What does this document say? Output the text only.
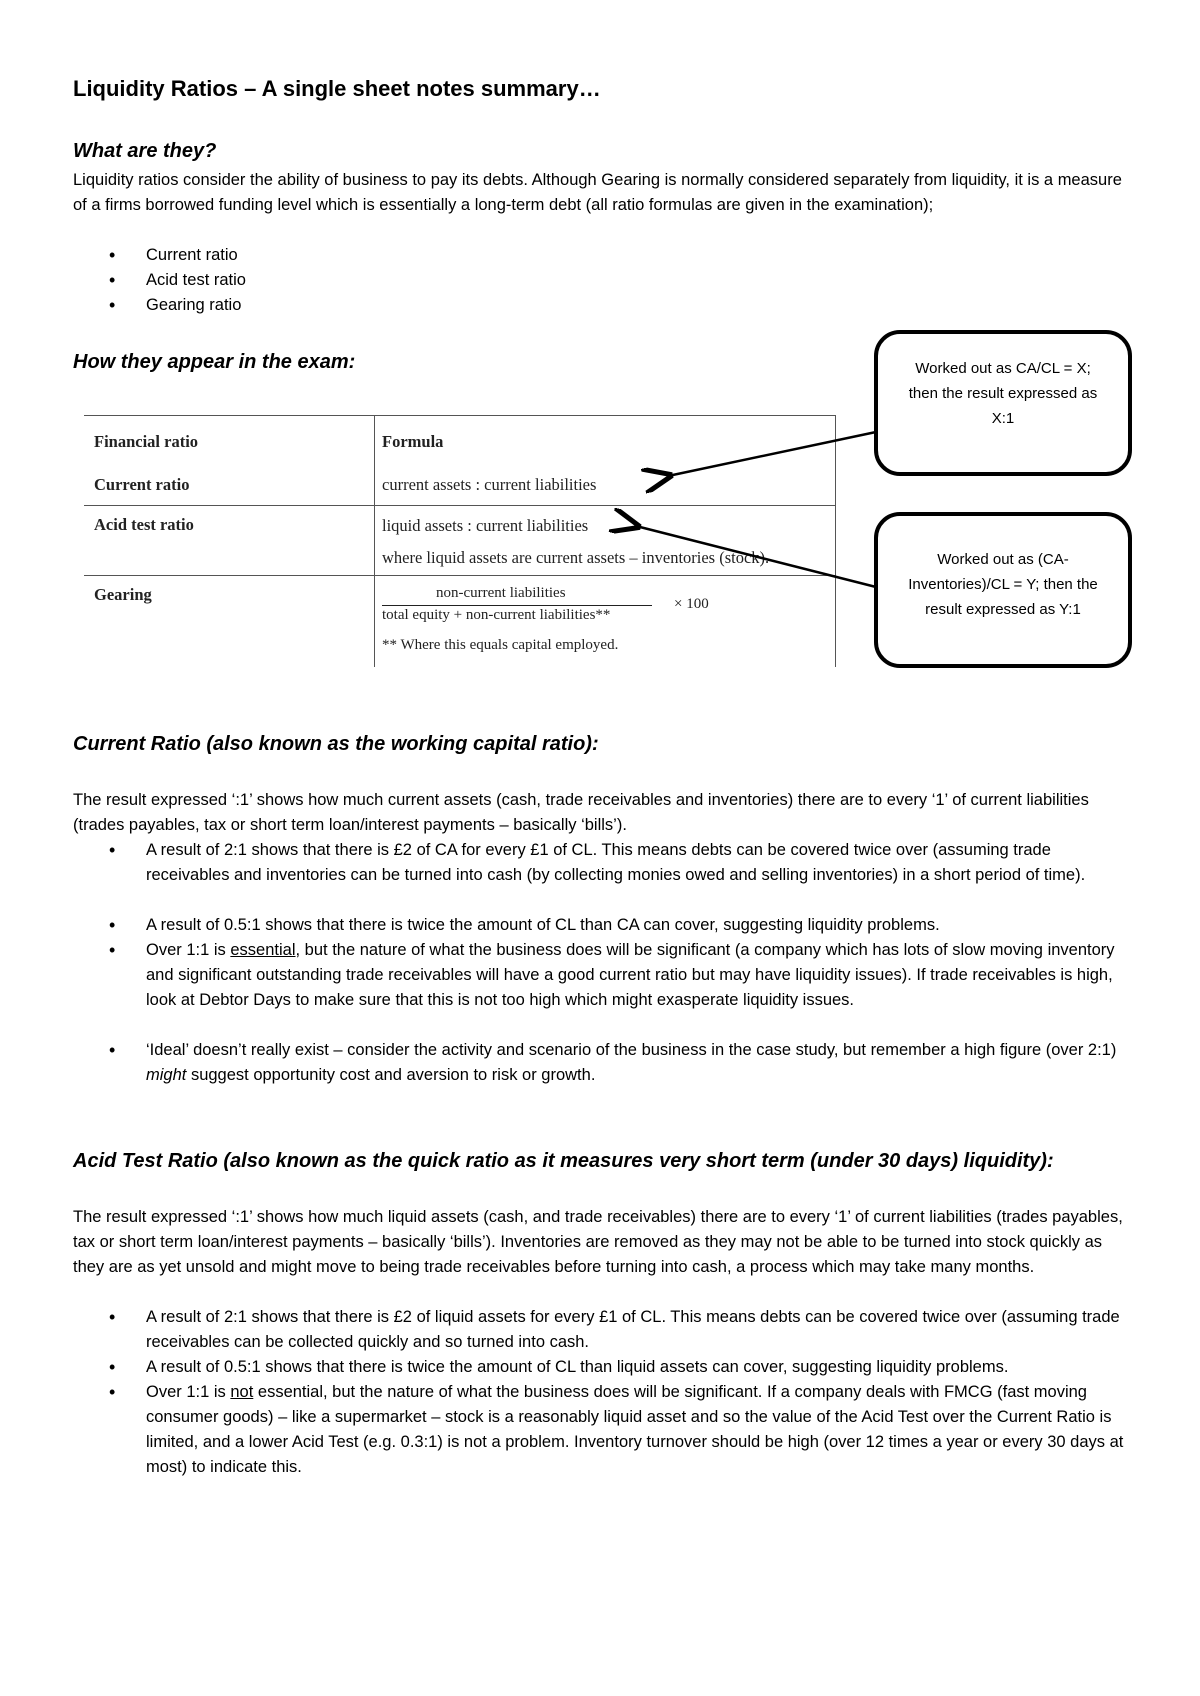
Liquidity Ratios – A single sheet notes summary…
What are they?
Liquidity ratios consider the ability of business to pay its debts. Although Gearing is normally considered separately from liquidity, it is a measure of a firms borrowed funding level which is essentially a long-term debt (all ratio formulas are given in the examination);
• Current ratio
• Acid test ratio
• Gearing ratio
How they appear in the exam:
Financial ratio	Formula
Current ratio	current assets : current liabilities
Acid test ratio	liquid assets : current liabilities
where liquid assets are current assets – inventories (stock).
Gearing	non-current liabilities
total equity + non-current liabilities**
× 100
** Where this equals capital employed.
Worked out as CA/CL = X; then the result expressed as X:1
Worked out as (CA-Inventories)/CL = Y; then the result expressed as Y:1
Current Ratio (also known as the working capital ratio):
The result expressed ‘:1’ shows how much current assets (cash, trade receivables and inventories) there are to every ‘1’ of current liabilities (trades payables, tax or short term loan/interest payments – basically ‘bills’).
• A result of 2:1 shows that there is £2 of CA for every £1 of CL. This means debts can be covered twice over (assuming trade receivables and inventories can be turned into cash (by collecting monies owed and selling inventories) in a short period of time).
• A result of 0.5:1 shows that there is twice the amount of CL than CA can cover, suggesting liquidity problems.
• Over 1:1 is essential, but the nature of what the business does will be significant (a company which has lots of slow moving inventory and significant outstanding trade receivables will have a good current ratio but may have liquidity issues). If trade receivables is high, look at Debtor Days to make sure that this is not too high which might exasperate liquidity issues.
• ‘Ideal’ doesn’t really exist – consider the activity and scenario of the business in the case study, but remember a high figure (over 2:1) might suggest opportunity cost and aversion to risk or growth.
Acid Test Ratio (also known as the quick ratio as it measures very short term (under 30 days) liquidity):
The result expressed ‘:1’ shows how much liquid assets (cash, and trade receivables) there are to every ‘1’ of current liabilities (trades payables, tax or short term loan/interest payments – basically ‘bills’). Inventories are removed as they may not be able to be turned into stock quickly as they are as yet unsold and might move to being trade receivables before turning into cash, a process which may take many months.
• A result of 2:1 shows that there is £2 of liquid assets for every £1 of CL. This means debts can be covered twice over (assuming trade receivables can be collected quickly and so turned into cash.
• A result of 0.5:1 shows that there is twice the amount of CL than liquid assets can cover, suggesting liquidity problems.
• Over 1:1 is not essential, but the nature of what the business does will be significant. If a company deals with FMCG (fast moving consumer goods) – like a supermarket – stock is a reasonably liquid asset and so the value of the Acid Test over the Current Ratio is limited, and a lower Acid Test (e.g. 0.3:1) is not a problem. Inventory turnover should be high (over 12 times a year or every 30 days at most) to indicate this.
